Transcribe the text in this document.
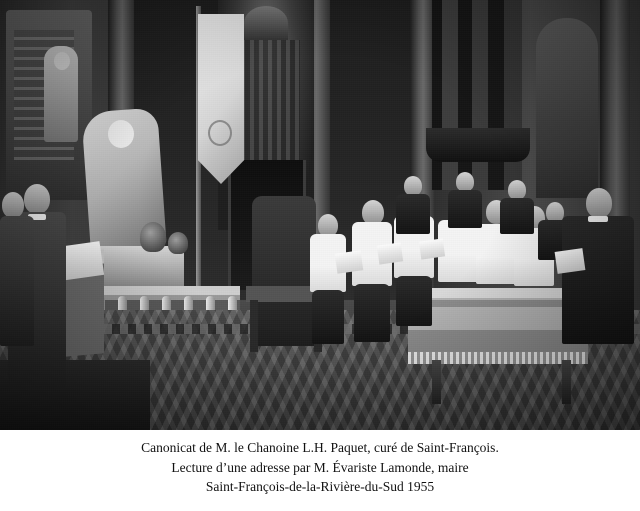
Canonicat de M. le Chanoine L.H. Paquet, curé de Saint-François.
Lecture d’une adresse par M. Évariste Lamonde, maire
Saint-François-de-la-Rivière-du-Sud 1955
